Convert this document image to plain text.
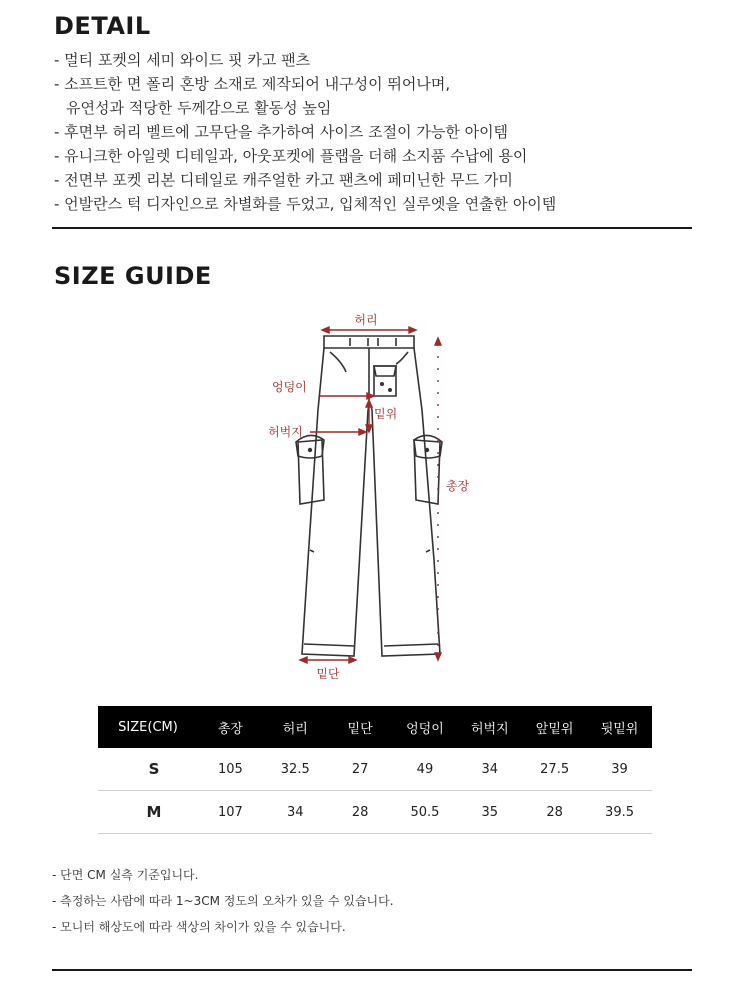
DETAIL
- 멀티 포켓의 세미 와이드 핏 카고 팬츠
- 소프트한 면 폴리 혼방 소재로 제작되어 내구성이 뛰어나며,
유연성과 적당한 두께감으로 활동성 높임
- 후면부 허리 벨트에 고무단을 추가하여 사이즈 조절이 가능한 아이템
- 유니크한 아일렛 디테일과, 아웃포켓에 플랩을 더해 소지품 수납에 용이
- 전면부 포켓 리본 디테일로 캐주얼한 카고 팬츠에 페미닌한 무드 가미
- 언발란스 턱 디자인으로 차별화를 두었고, 입체적인 실루엣을 연출한 아이템
SIZE GUIDE
허리
엉덩이
밑위
허벅지
총장
밑단
SIZE(CM)	총장	허리	밑단	엉덩이	허벅지	앞밑위	뒷밑위
S	105	32.5	27	49	34	27.5	39
M	107	34	28	50.5	35	28	39.5
- 단면 CM 실측 기준입니다.
- 측정하는 사람에 따라 1~3CM 정도의 오차가 있을 수 있습니다.
- 모니터 해상도에 따라 색상의 차이가 있을 수 있습니다.
